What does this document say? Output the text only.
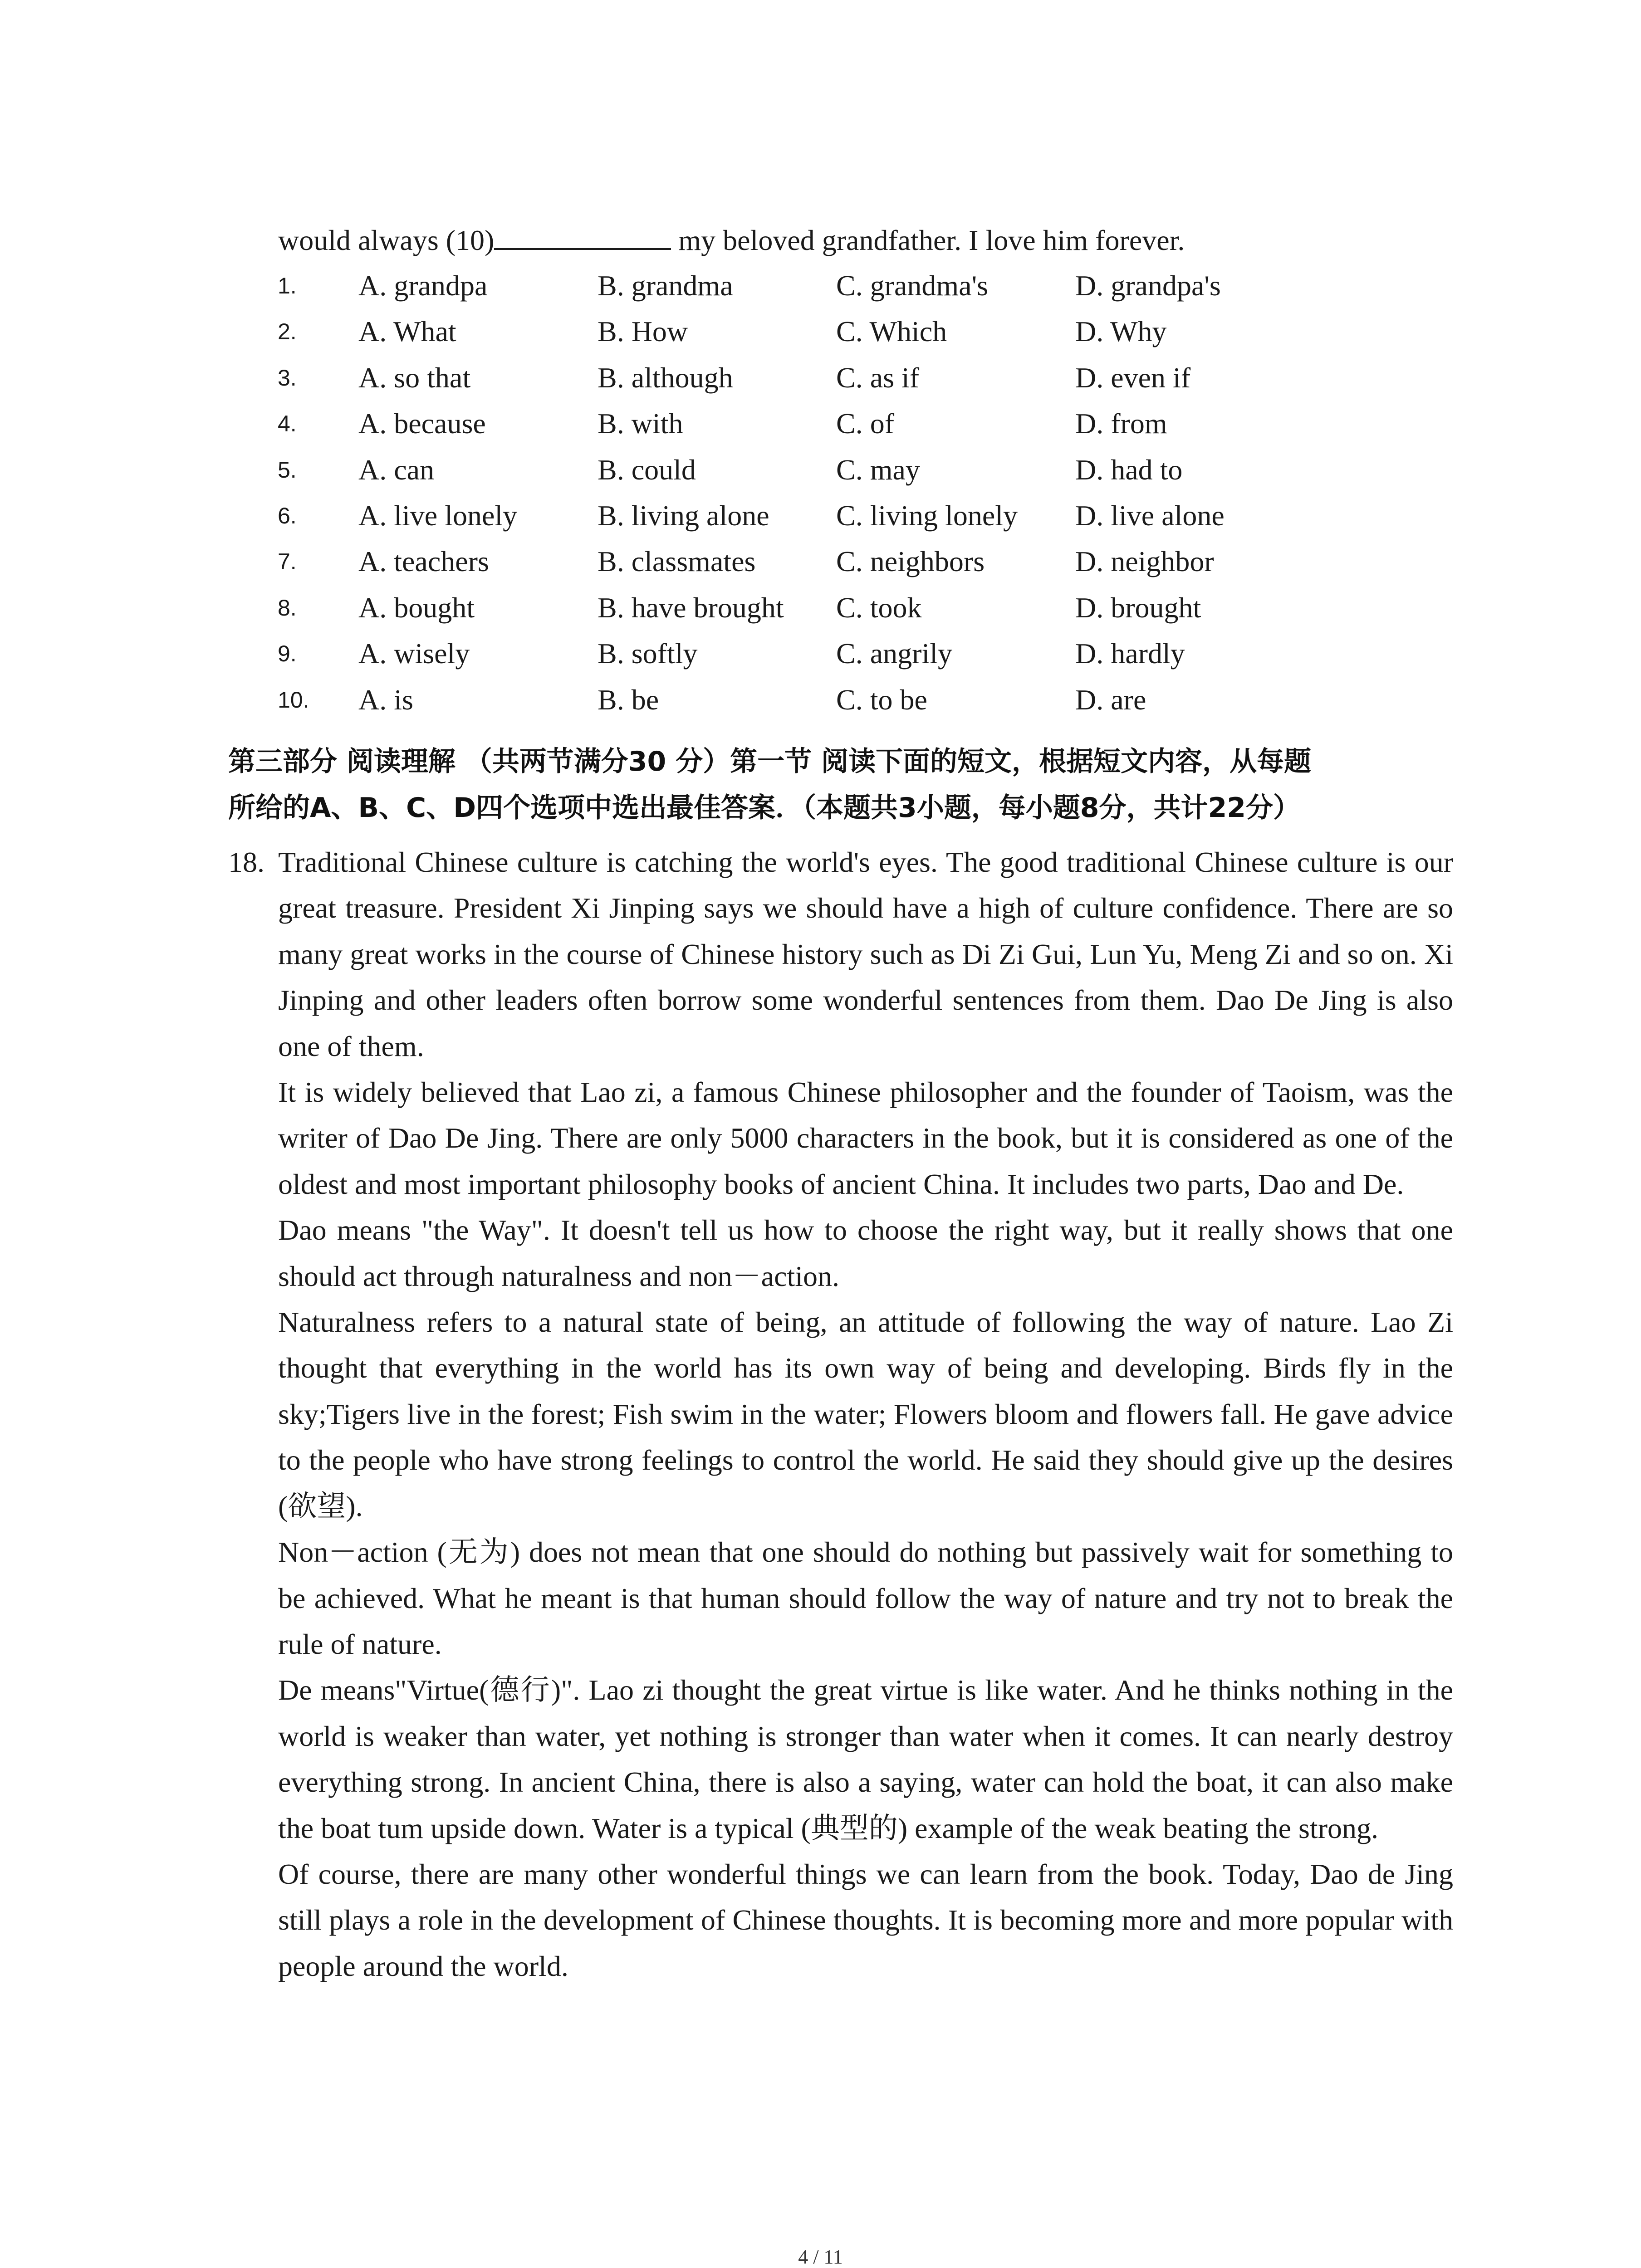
would always (10)	my beloved grandfather. I love him forever.
1. A. grandpa	B. grandma	C. grandma's	D. grandpa's
2. A. What	B. How	C. Which	D. Why
3. A. so that	B. although	C. as if	D. even if
4. A. because	B. with	C. of	D. from
5. A. can	B. could	C. may	D. had to
6. A. live lonely	B. living alone C. living lonely D. live alone
7. A. teachers	B. classmates	C. neighbors	D. neighbor
8. A. bought	B. have brought C. took	D. brought
9. A. wisely	B. softly	C. angrily	D. hardly
10. A. is	B. be	C. to be	D. are
第三部分 阅读理解 （共两节满分30 分）第一节 阅读下面的短文，根据短文内容，从每题
所给的A、B、C、D四个选项中选出最佳答案．（本题共3小题，每小题8分，共计22分）
18. Traditional Chinese culture is catching the world's eyes. The good traditional Chinese culture is our great treasure. President Xi Jinping says we should have a high of culture confidence. There are so many great works in the course of Chinese history such as Di Zi Gui, Lun Yu, Meng Zi and so on. Xi Jinping and other leaders often borrow some wonderful sentences from them. Dao De Jing is also one of them.

It is widely believed that Lao zi, a famous Chinese philosopher and the founder of Taoism, was the writer of Dao De Jing. There are only 5000 characters in the book, but it is considered as one of the oldest and most important philosophy books of ancient China. It includes two parts, Dao and De.

Dao means "the Way". It doesn't tell us how to choose the right way, but it really shows that one should act through naturalness and non－action.

Naturalness refers to a natural state of being, an attitude of following the way of nature. Lao Zi thought that everything in the world has its own way of being and developing. Birds fly in the sky;Tigers live in the forest; Fish swim in the water; Flowers bloom and flowers fall. He gave advice to the people who have strong feelings to control the world. He said they should give up the desires (欲望).

Non－action (无为) does not mean that one should do nothing but passively wait for something to be achieved. What he meant is that human should follow the way of nature and try not to break the rule of nature.

De means"Virtue(德行)". Lao zi thought the great virtue is like water. And he thinks nothing in the world is weaker than water, yet nothing is stronger than water when it comes. It can nearly destroy everything strong. In ancient China, there is also a saying, water can hold the boat, it can also make the boat tum upside down. Water is a typical (典型的) example of the weak beating the strong.

Of course, there are many other wonderful things we can learn from the book. Today, Dao de Jing still plays a role in the development of Chinese thoughts. It is becoming more and more popular with people around the world.

4 / 11
